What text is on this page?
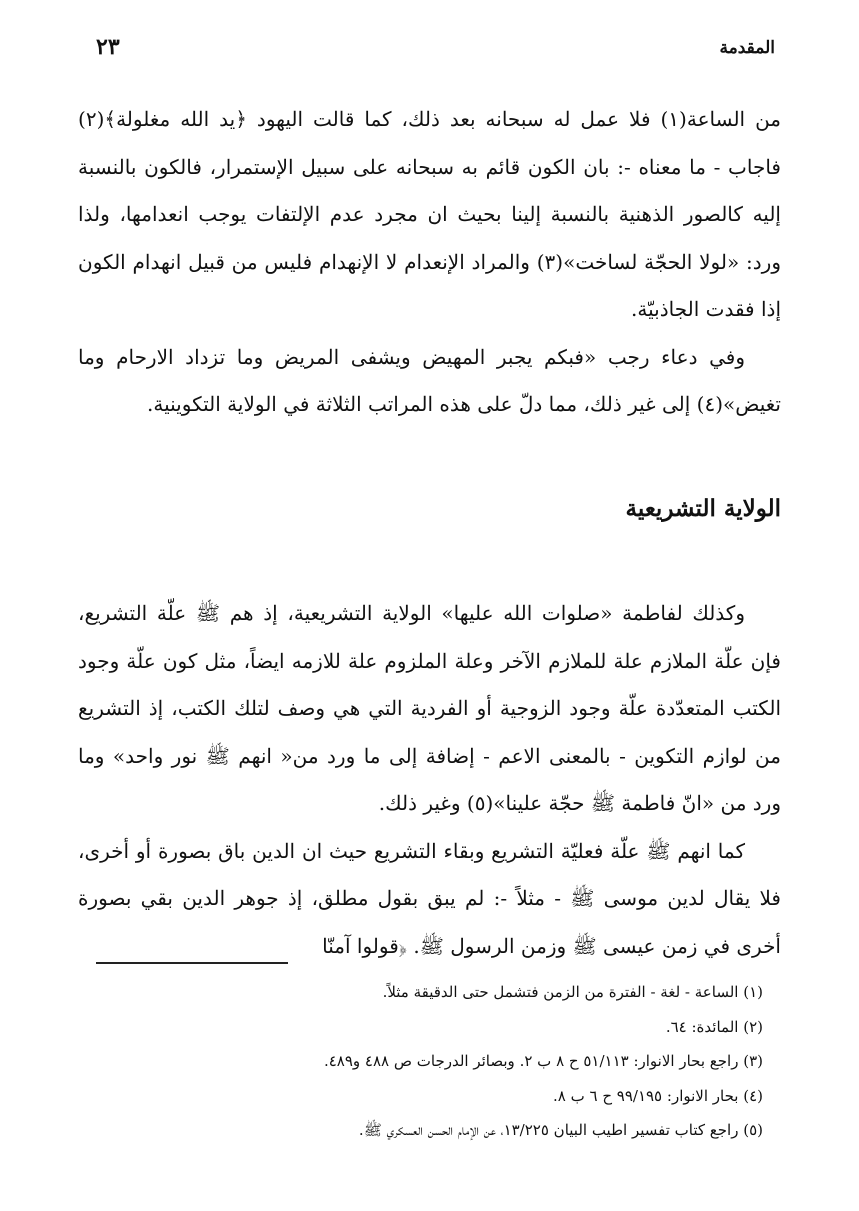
٢٣	المقدمة

من الساعة(١) فلا عمل له سبحانه بعد ذلك، كما قالت اليهود ﴿يد الله مغلولة﴾(٢) فاجاب - ما معناه -: بان الكون قائم به سبحانه على سبيل الإستمرار، فالكون بالنسبة إليه كالصور الذهنية بالنسبة إلينا بحيث ان مجرد عدم الإلتفات يوجب انعدامها، ولذا ورد: «لولا الحجّة لساخت»(٣) والمراد الإنعدام لا الإنهدام فليس من قبيل انهدام الكون إذا فقدت الجاذبيّة.

وفي دعاء رجب «فبكم يجبر المهيض ويشفى المريض وما تزداد الارحام وما تغيض»(٤) إلى غير ذلك، مما دلّ على هذه المراتب الثلاثة في الولاية التكوينية.

الولاية التشريعية

وكذلك لفاطمة «صلوات الله عليها» الولاية التشريعية، إذ هم ﷺ علّة التشريع، فإن علّة الملازم علة للملازم الآخر وعلة الملزوم علة للازمه ايضاً، مثل كون علّة وجود الكتب المتعدّدة علّة وجود الزوجية أو الفردية التي هي وصف لتلك الكتب، إذ التشريع من لوازم التكوين - بالمعنى الاعم - إضافة إلى ما ورد من« انهم ﷺ نور واحد» وما ورد من «انّ فاطمة ﷺ حجّة علينا»(٥) وغير ذلك.

كما انهم ﷺ علّة فعليّة التشريع وبقاء التشريع حيث ان الدين باق بصورة أو أخرى، فلا يقال لدين موسى ﷺ - مثلاً -: لم يبق بقول مطلق، إذ جوهر الدين بقي بصورة أخرى في زمن عيسى ﷺ وزمن الرسول ﷺ. ﴿قولوا آمنّا

(١) الساعة - لغة - الفترة من الزمن فتشمل حتى الدقيقة مثلاً.

(٢) المائدة: ٦٤.

(٣) راجع بحار الانوار: ٥١/١١٣ ح ٨ ب ٢. وبصائر الدرجات ص ٤٨٨ و٤٨٩.

(٤) بحار الانوار: ٩٩/١٩٥ ح ٦ ب ٨.

(٥) راجع كتاب تفسير اطيب البيان ١٣/٢٢٥، عن الإمام الحسن العسكري ﷺ.
